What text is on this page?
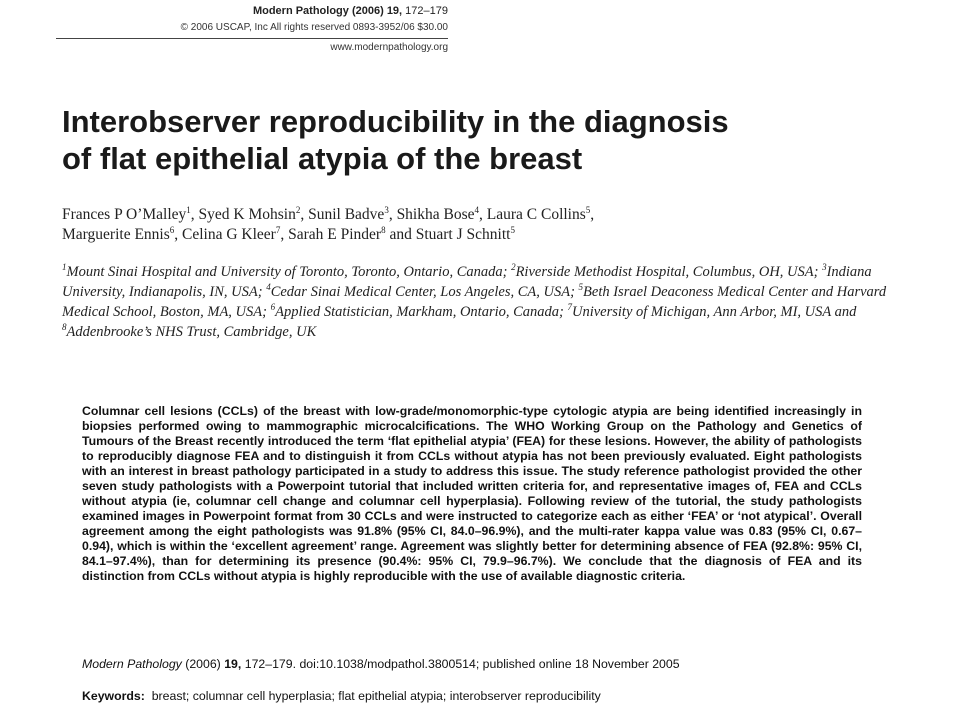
Modern Pathology (2006) 19, 172–179
© 2006 USCAP, Inc All rights reserved 0893-3952/06 $30.00
www.modernpathology.org
Interobserver reproducibility in the diagnosis
of flat epithelial atypia of the breast

Frances P O’Malley$^1$, Syed K Mohsin$^2$, Sunil Badve$^3$, Shikha Bose$^4$, Laura C Collins$^5$,
Marguerite Ennis$^6$, Celina G Kleer$^7$, Sarah E Pinder$^8$ and Stuart J Schnitt$^5$

$^1$Mount Sinai Hospital and University of Toronto, Toronto, Ontario, Canada; $^2$Riverside Methodist Hospital, Columbus, OH, USA; $^3$Indiana University, Indianapolis, IN, USA; $^4$Cedar Sinai Medical Center, Los Angeles, CA, USA; $^5$Beth Israel Deaconess Medical Center and Harvard Medical School, Boston, MA, USA; $^6$Applied Statistician, Markham, Ontario, Canada; $^7$University of Michigan, Ann Arbor, MI, USA and $^8$Addenbrooke’s NHS Trust, Cambridge, UK

Columnar cell lesions (CCLs) of the breast with low-grade/monomorphic-type cytologic atypia are being identified increasingly in biopsies performed owing to mammographic microcalcifications. The WHO Working Group on the Pathology and Genetics of Tumours of the Breast recently introduced the term ‘flat epithelial atypia’ (FEA) for these lesions. However, the ability of pathologists to reproducibly diagnose FEA and to distinguish it from CCLs without atypia has not been previously evaluated. Eight pathologists with an interest in breast pathology participated in a study to address this issue. The study reference pathologist provided the other seven study pathologists with a Powerpoint tutorial that included written criteria for, and representative images of, FEA and CCLs without atypia (ie, columnar cell change and columnar cell hyperplasia). Following review of the tutorial, the study pathologists examined images in Powerpoint format from 30 CCLs and were instructed to categorize each as either ‘FEA’ or ‘not atypical’. Overall agreement among the eight pathologists was 91.8% (95% CI, 84.0–96.9%), and the multi-rater kappa value was 0.83 (95% CI, 0.67–0.94), which is within the ‘excellent agreement’ range. Agreement was slightly better for determining absence of FEA (92.8%: 95% CI, 84.1–97.4%), than for determining its presence (90.4%: 95% CI, 79.9–96.7%). We conclude that the diagnosis of FEA and its distinction from CCLs without atypia is highly reproducible with the use of available diagnostic criteria.

Modern Pathology (2006) 19, 172–179. doi:10.1038/modpathol.3800514; published online 18 November 2005

Keywords: breast; columnar cell hyperplasia; flat epithelial atypia; interobserver reproducibility
